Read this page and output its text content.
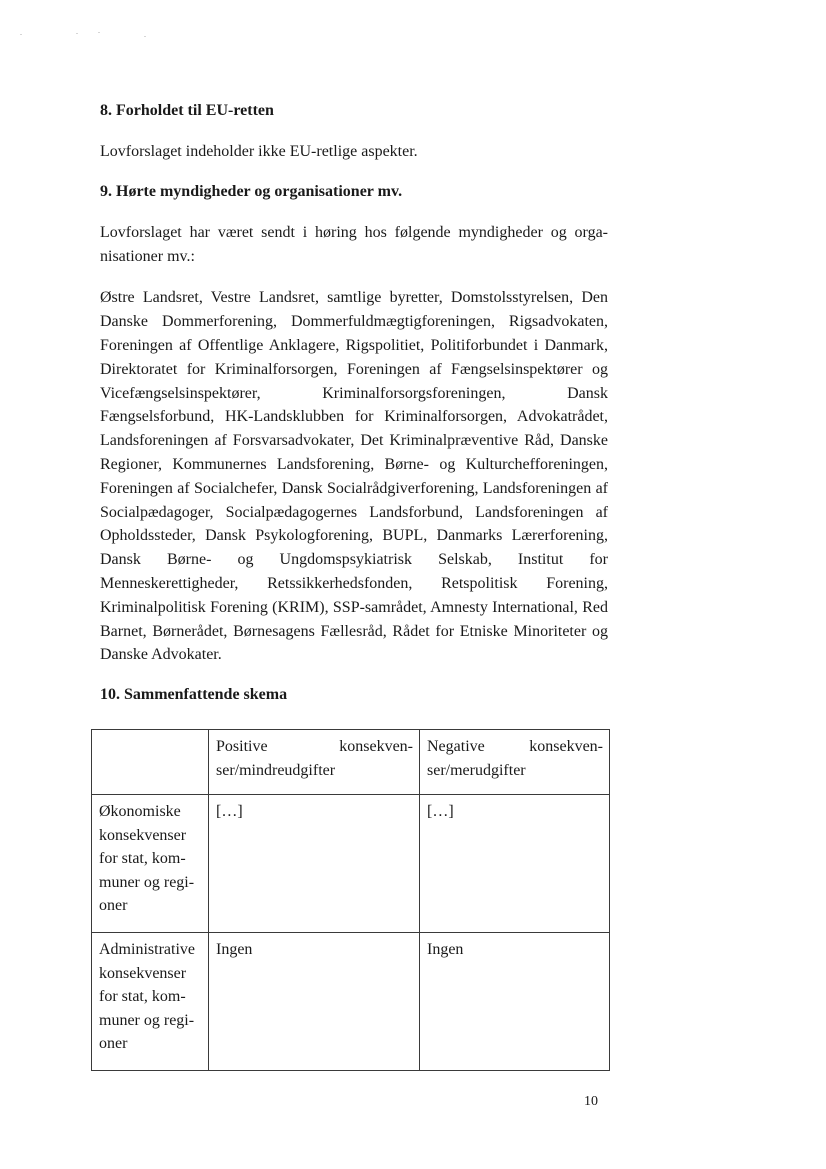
8. Forholdet til EU-retten

Lovforslaget indeholder ikke EU-retlige aspekter.

9. Hørte myndigheder og organisationer mv.

Lovforslaget har været sendt i høring hos følgende myndigheder og organisationer mv.:

Østre Landsret, Vestre Landsret, samtlige byretter, Domstolsstyrelsen, Den Danske Dommerforening, Dommerfuldmægtigforeningen, Rigsadvokaten, Foreningen af Offentlige Anklagere, Rigspolitiet, Politiforbundet i Danmark, Direktoratet for Kriminalforsorgen, Foreningen af Fængselsinspektører og Vicefængselsinspektører, Kriminalforsorgsforeningen, Dansk Fængselsforbund, HK-Landsklubben for Kriminalforsorgen, Advokatrådet, Landsforeningen af Forsvarsadvokater, Det Kriminalpræventive Råd, Danske Regioner, Kommunernes Landsforening, Børne- og Kulturchefforeningen, Foreningen af Socialchefer, Dansk Socialrådgiverforening, Landsforeningen af Socialpædagoger, Socialpædagogernes Landsforbund, Landsforeningen af Opholdssteder, Dansk Psykologforening, BUPL, Danmarks Lærerforening, Dansk Børne- og Ungdomspsykiatrisk Selskab, Institut for Menneskerettigheder, Retssikkerhedsfonden, Retspolitisk Forening, Kriminalpolitisk Forening (KRIM), SSP-samrådet, Amnesty International, Red Barnet, Børnerådet, Børnesagens Fællesråd, Rådet for Etniske Minoriteter og Danske Advokater.

10. Sammenfattende skema
	Positive konsekvenser/mindreudgifter	Negative konsekvenser/merudgifter
Økonomiske konsekvenser for stat, kommuner og regioner	[…]	[…]
Administrative konsekvenser for stat, kommuner og regioner	Ingen	Ingen
10
